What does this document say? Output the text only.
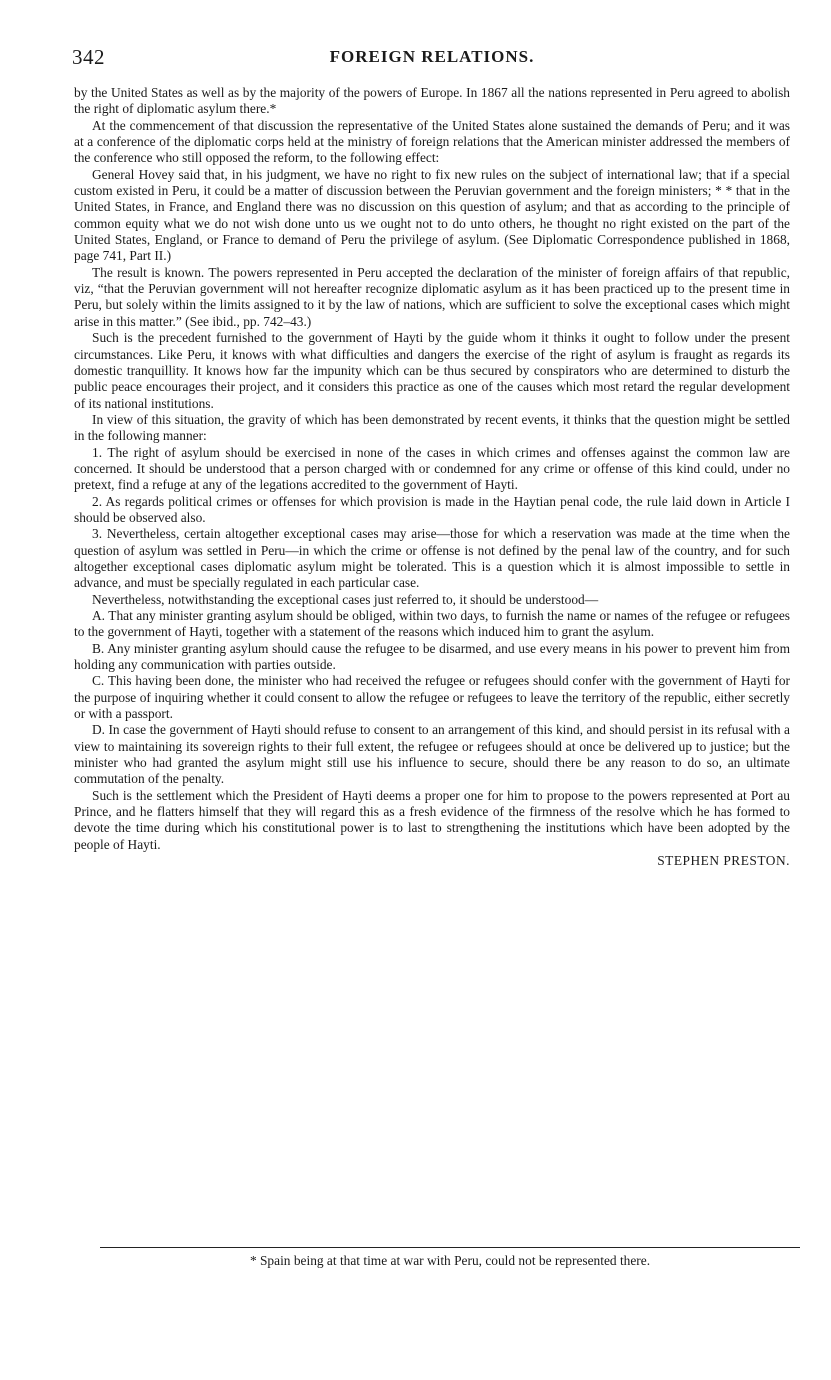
342	FOREIGN RELATIONS.

by the United States as well as by the majority of the powers of Europe. In 1867 all the nations represented in Peru agreed to abolish the right of diplomatic asylum there.*

At the commencement of that discussion the representative of the United States alone sustained the demands of Peru; and it was at a conference of the diplomatic corps held at the ministry of foreign relations that the American minister addressed the members of the conference who still opposed the reform, to the following effect:

General Hovey said that, in his judgment, we have no right to fix new rules on the subject of international law; that if a special custom existed in Peru, it could be a matter of discussion between the Peruvian government and the foreign ministers; * * that in the United States, in France, and England there was no discussion on this question of asylum; and that as according to the principle of common equity what we do not wish done unto us we ought not to do unto others, he thought no right existed on the part of the United States, England, or France to demand of Peru the privilege of asylum. (See Diplomatic Correspondence published in 1868, page 741, Part II.)

The result is known. The powers represented in Peru accepted the declaration of the minister of foreign affairs of that republic, viz, “that the Peruvian government will not hereafter recognize diplomatic asylum as it has been practiced up to the present time in Peru, but solely within the limits assigned to it by the law of nations, which are sufficient to solve the exceptional cases which might arise in this matter.” (See ibid., pp. 742–43.)

Such is the precedent furnished to the government of Hayti by the guide whom it thinks it ought to follow under the present circumstances. Like Peru, it knows with what difficulties and dangers the exercise of the right of asylum is fraught as regards its domestic tranquillity. It knows how far the impunity which can be thus secured by conspirators who are determined to disturb the public peace encourages their project, and it considers this practice as one of the causes which most retard the regular development of its national institutions.

In view of this situation, the gravity of which has been demonstrated by recent events, it thinks that the question might be settled in the following manner:

1. The right of asylum should be exercised in none of the cases in which crimes and offenses against the common law are concerned. It should be understood that a person charged with or condemned for any crime or offense of this kind could, under no pretext, find a refuge at any of the legations accredited to the government of Hayti.

2. As regards political crimes or offenses for which provision is made in the Haytian penal code, the rule laid down in Article I should be observed also.

3. Nevertheless, certain altogether exceptional cases may arise—those for which a reservation was made at the time when the question of asylum was settled in Peru—in which the crime or offense is not defined by the penal law of the country, and for such altogether exceptional cases diplomatic asylum might be tolerated. This is a question which it is almost impossible to settle in advance, and must be specially regulated in each particular case.

Nevertheless, notwithstanding the exceptional cases just referred to, it should be understood—

A. That any minister granting asylum should be obliged, within two days, to furnish the name or names of the refugee or refugees to the government of Hayti, together with a statement of the reasons which induced him to grant the asylum.

B. Any minister granting asylum should cause the refugee to be disarmed, and use every means in his power to prevent him from holding any communication with parties outside.

C. This having been done, the minister who had received the refugee or refugees should confer with the government of Hayti for the purpose of inquiring whether it could consent to allow the refugee or refugees to leave the territory of the republic, either secretly or with a passport.

D. In case the government of Hayti should refuse to consent to an arrangement of this kind, and should persist in its refusal with a view to maintaining its sovereign rights to their full extent, the refugee or refugees should at once be delivered up to justice; but the minister who had granted the asylum might still use his influence to secure, should there be any reason to do so, an ultimate commutation of the penalty.

Such is the settlement which the President of Hayti deems a proper one for him to propose to the powers represented at Port au Prince, and he flatters himself that they will regard this as a fresh evidence of the firmness of the resolve which he has formed to devote the time during which his constitutional power is to last to strengthening the institutions which have been adopted by the people of Hayti.

STEPHEN PRESTON.

* Spain being at that time at war with Peru, could not be represented there.
